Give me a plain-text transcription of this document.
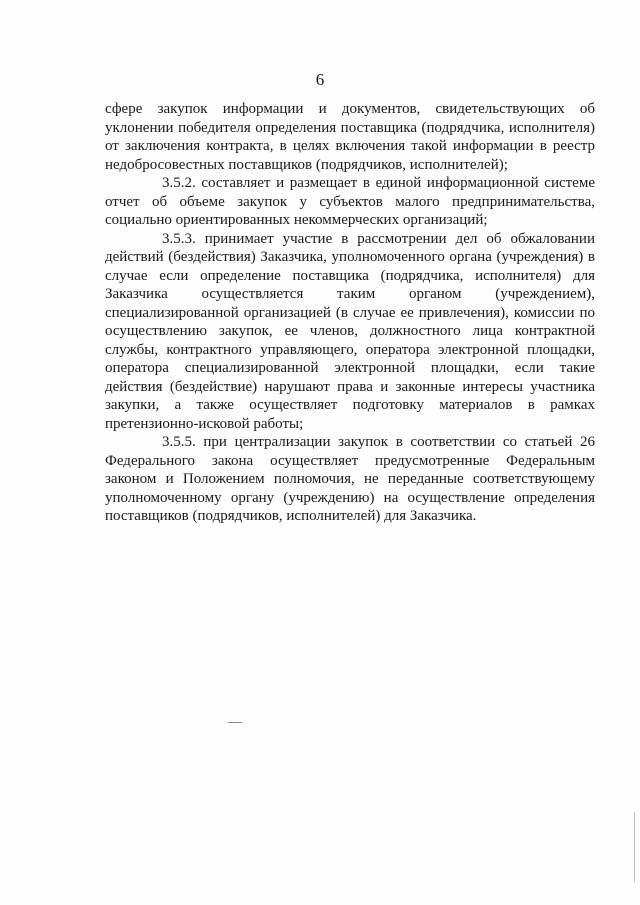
6

сфере закупок информации и документов, свидетельствующих об уклонении победителя определения поставщика (подрядчика, исполнителя) от заключения контракта, в целях включения такой информации в реестр недобросовестных поставщиков (подрядчиков, исполнителей);

3.5.2. составляет и размещает в единой информационной системе отчет об объеме закупок у субъектов малого предпринимательства, социально ориентированных некоммерческих организаций;

3.5.3. принимает участие в рассмотрении дел об обжаловании действий (бездействия) Заказчика, уполномоченного органа (учреждения) в случае если определение поставщика (подрядчика, исполнителя) для Заказчика осуществляется таким органом (учреждением), специализированной организацией (в случае ее привлечения), комиссии по осуществлению закупок, ее членов, должностного лица контрактной службы, контрактного управляющего, оператора электронной площадки, оператора специализированной электронной площадки, если такие действия (бездействие) нарушают права и законные интересы участника закупки, а также осуществляет подготовку материалов в рамках претензионно-исковой работы;

3.5.5. при централизации закупок в соответствии со статьей 26 Федерального закона осуществляет предусмотренные Федеральным законом и Положением полномочия, не переданные соответствующему уполномоченному органу (учреждению) на осуществление определения поставщиков (подрядчиков, исполнителей) для Заказчика.
